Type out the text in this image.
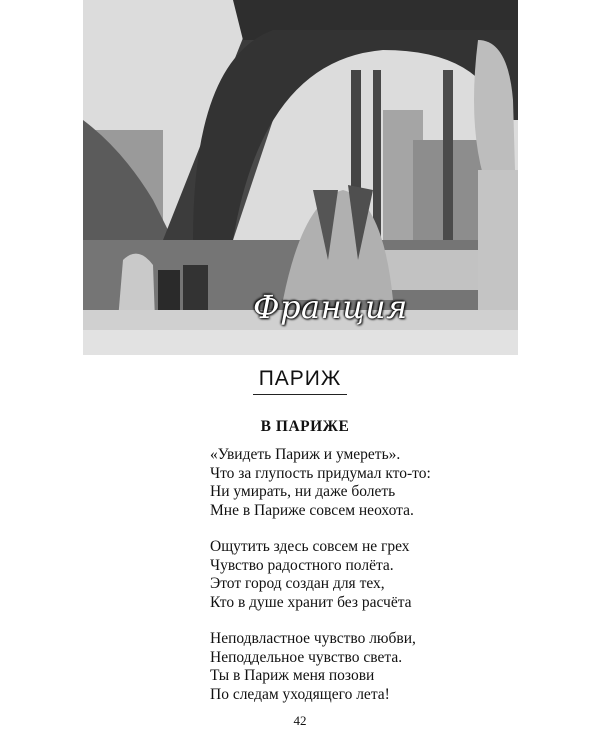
Франция
ПАРИЖ
В ПАРИЖЕ
«Увидеть Париж и умереть».
Что за глупость придумал кто-то:
Ни умирать, ни даже болеть
Мне в Париже совсем неохота.
Ощутить здесь совсем не грех
Чувство радостного полёта.
Этот город создан для тех,
Кто в душе хранит без расчёта
Неподвластное чувство любви,
Неподдельное чувство света.
Ты в Париж меня позови
По следам уходящего лета!
42
